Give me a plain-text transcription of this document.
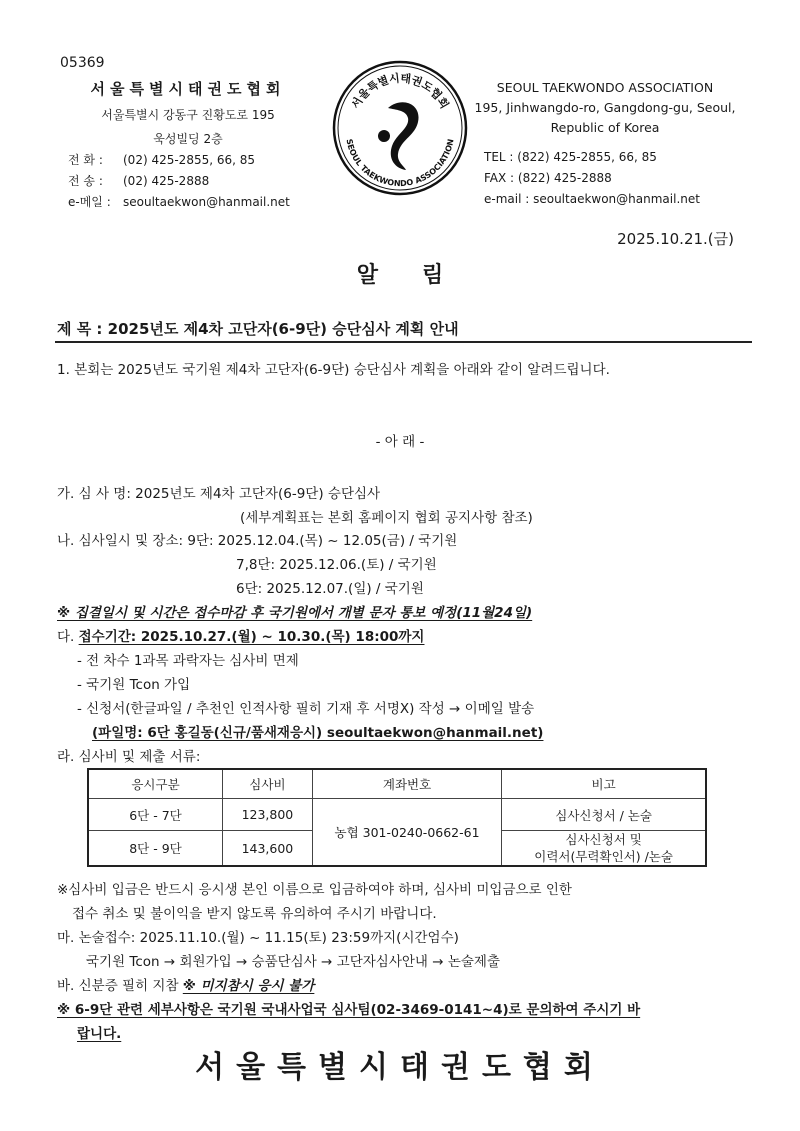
05369
서울특별시태권도협회
서울특별시 강동구 진황도로 195
욱성빌딩 2층
전 화 : (02) 425-2855, 66, 85
전 송 : (02) 425-2888
e-메일 : seoultaekwon@hanmail.net
서울특별시태권도협회
SEOUL TAEKWONDO ASSOCIATION
SEOUL TAEKWONDO ASSOCIATION
195, Jinhwangdo-ro, Gangdong-gu, Seoul,
Republic of Korea
TEL : (822) 425-2855, 66, 85
FAX : (822) 425-2888
e-mail : seoultaekwon@hanmail.net
2025.10.21.(금)
알림
제 목 : 2025년도 제4차 고단자(6-9단) 승단심사 계획 안내
1. 본회는 2025년도 국기원 제4차 고단자(6-9단) 승단심사 계획을 아래와 같이 알려드립니다.
- 아 래 -
가. 심 사 명: 2025년도 제4차 고단자(6-9단) 승단심사
(세부계획표는 본회 홈페이지 협회 공지사항 참조)
나. 심사일시 및 장소: 9단: 2025.12.04.(목) ~ 12.05(금) / 국기원
7,8단: 2025.12.06.(토) / 국기원
6단: 2025.12.07.(일) / 국기원
※ 집결일시 및 시간은 접수마감 후 국기원에서 개별 문자 통보 예정(11월24일)
다. 접수기간: 2025.10.27.(월) ~ 10.30.(목) 18:00까지
- 전 차수 1과목 과락자는 심사비 면제
- 국기원 Tcon 가입
- 신청서(한글파일 / 추천인 인적사항 필히 기재 후 서명X) 작성 → 이메일 발송
(파일명: 6단 홍길동(신규/품새재응시) seoultaekwon@hanmail.net)
라. 심사비 및 제출 서류:
응시구분	심사비	계좌번호	비고
6단 - 7단	123,800	농협 301-0240-0662-61	심사신청서 / 논술
8단 - 9단	143,600		심사신청서 및
이력서(무력확인서) /논술
※심사비 입금은 반드시 응시생 본인 이름으로 입금하여야 하며, 심사비 미입금으로 인한
접수 취소 및 불이익을 받지 않도록 유의하여 주시기 바랍니다.
마. 논술접수: 2025.11.10.(월) ~ 11.15(토) 23:59까지(시간엄수)
국기원 Tcon → 회원가입 → 승품단심사 → 고단자심사안내 → 논술제출
바. 신분증 필히 지참 ※ 미지참시 응시 불가
※ 6-9단 관련 세부사항은 국기원 국내사업국 심사팀(02-3469-0141~4)로 문의하여 주시기 바
랍니다.
서울특별시태권도협회
